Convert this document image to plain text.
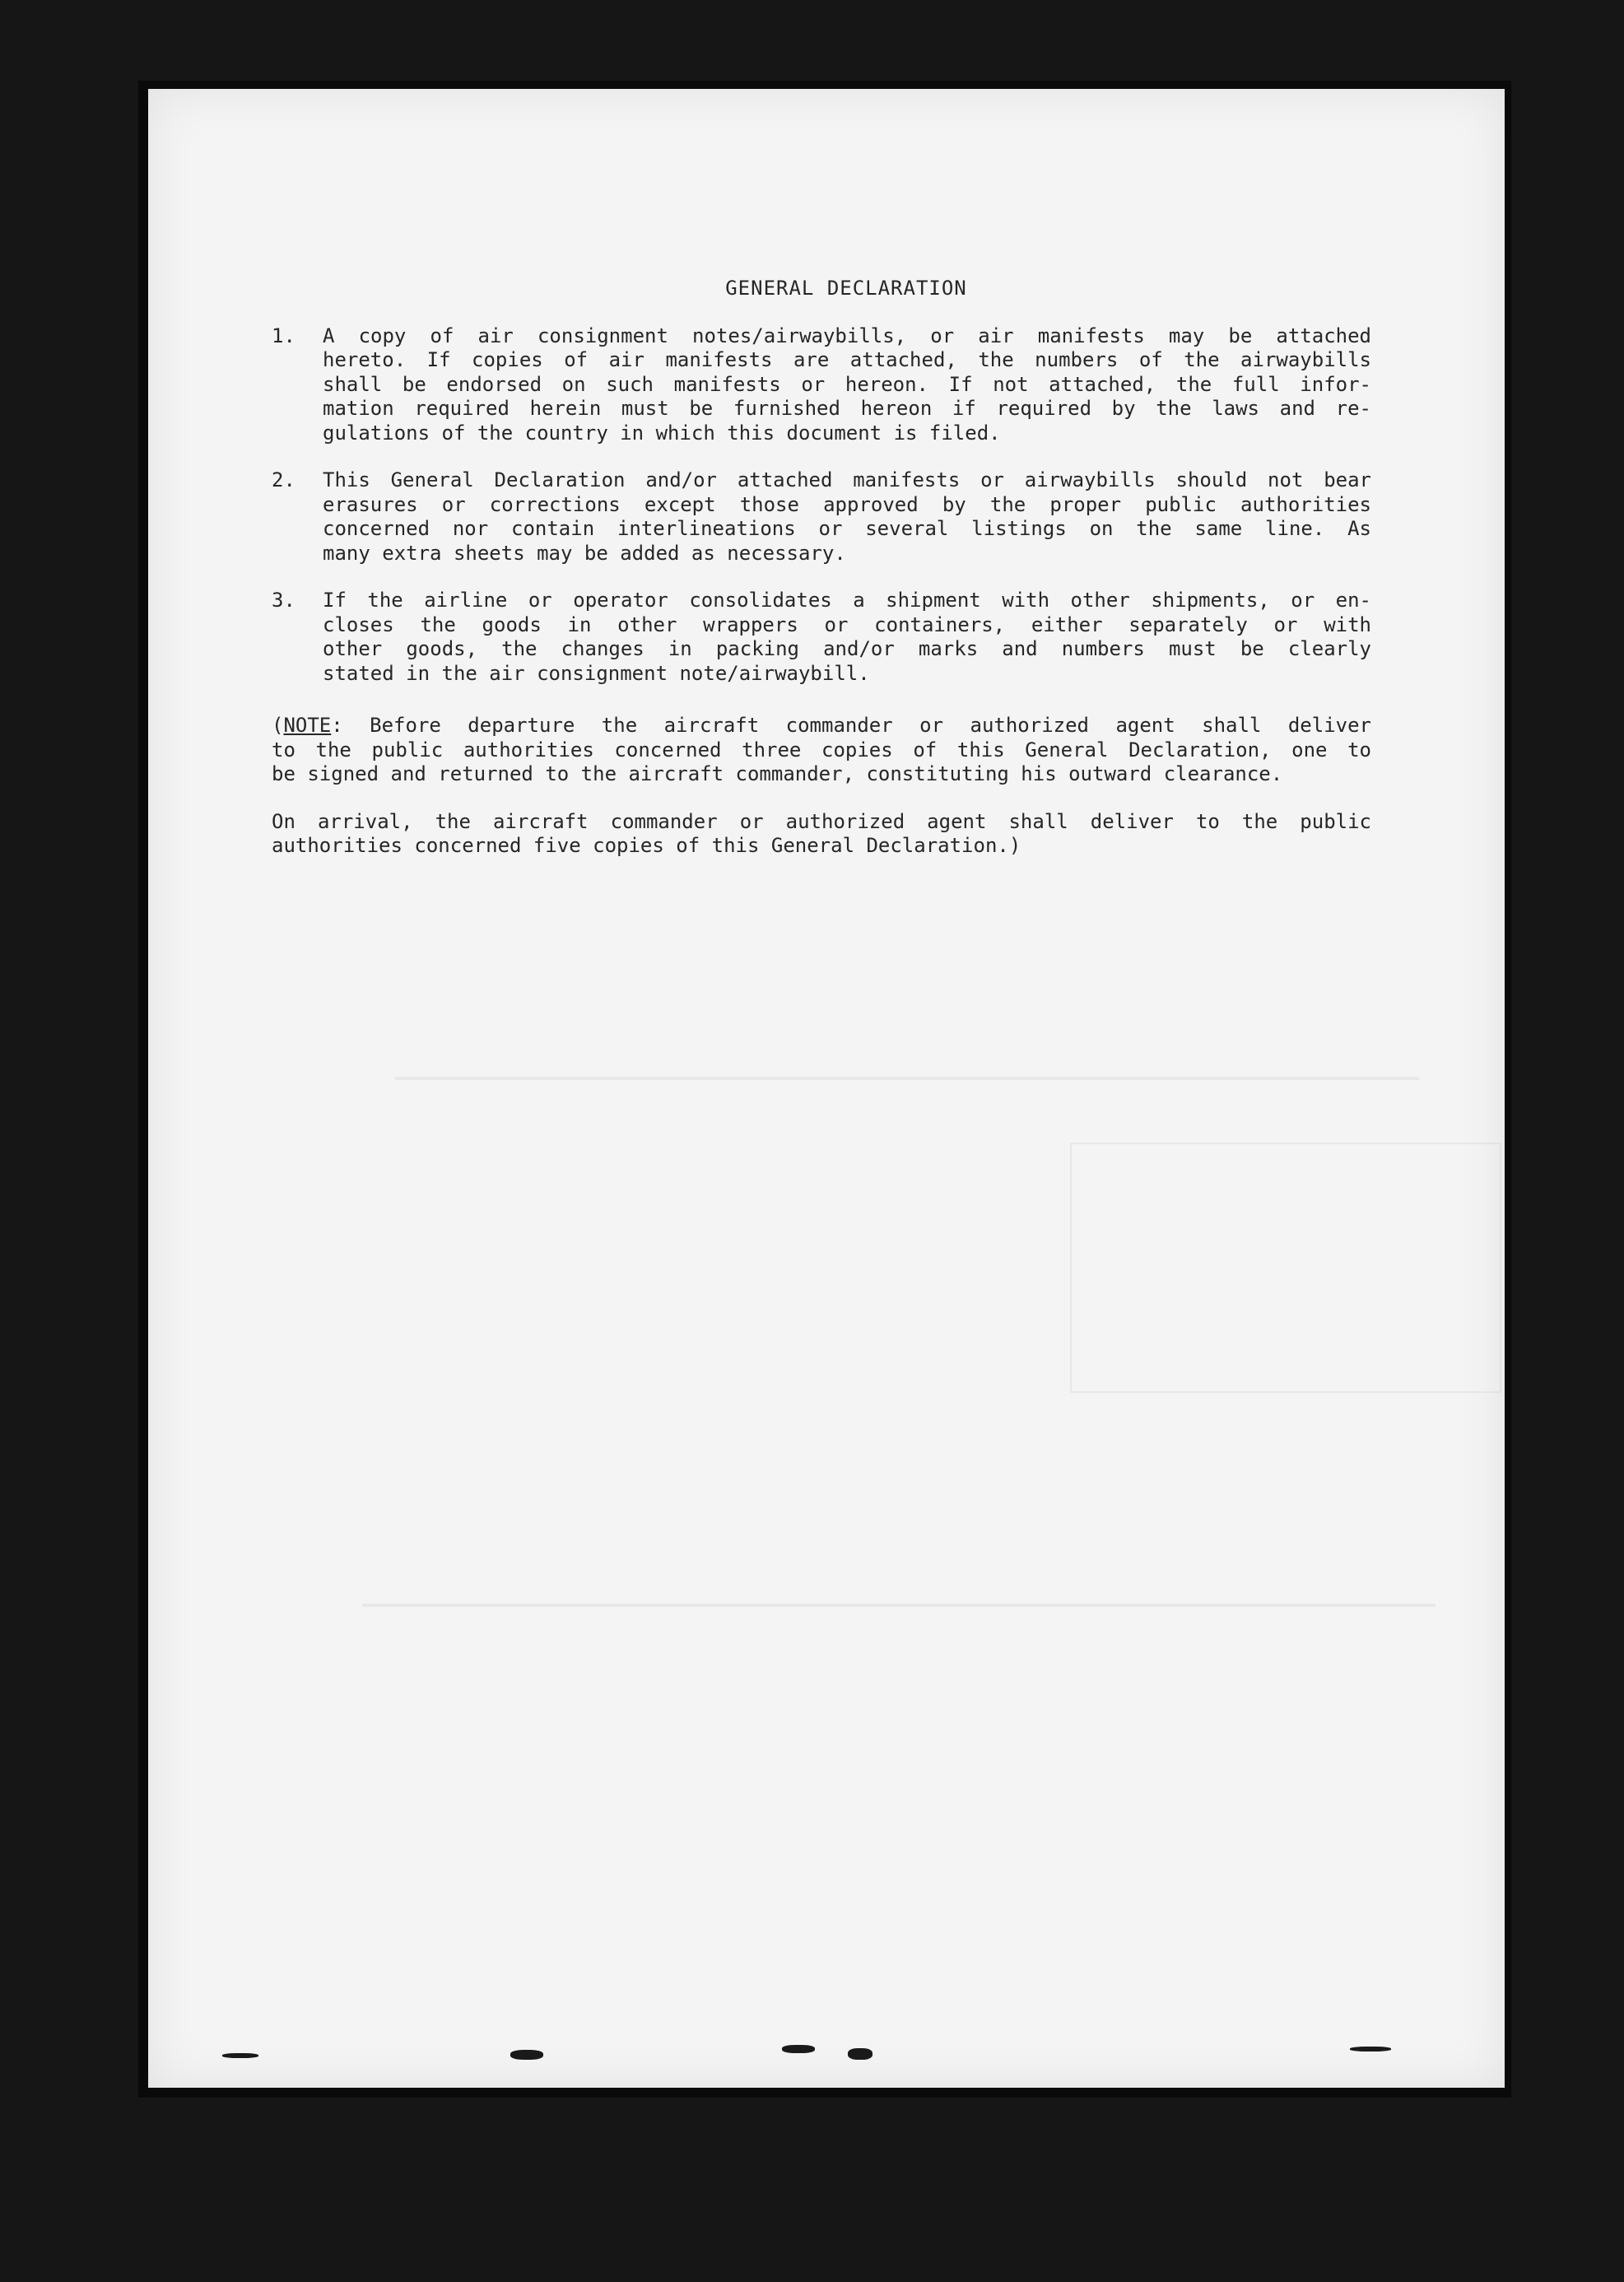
GENERAL DECLARATION
1.	A copy of air consignment notes/airwaybills, or air manifests may be attached
hereto. If copies of air manifests are attached, the numbers of the airwaybills
shall be endorsed on such manifests or hereon. If not attached, the full infor-
mation required herein must be furnished hereon if required by the laws and re-
gulations of the country in which this document is filed.
2.	This General Declaration and/or attached manifests or airwaybills should not bear
erasures or corrections except those approved by the proper public authorities
concerned nor contain interlineations or several listings on the same line. As
many extra sheets may be added as necessary.
3.	If the airline or operator consolidates a shipment with other shipments, or en-
closes the goods in other wrappers or containers, either separately or with
other goods, the changes in packing and/or marks and numbers must be clearly
stated in the air consignment note/airwaybill.
(NOTE: Before departure the aircraft commander or authorized agent shall deliver
to the public authorities concerned three copies of this General Declaration, one to
be signed and returned to the aircraft commander, constituting his outward clearance.
On arrival, the aircraft commander or authorized agent shall deliver to the public
authorities concerned five copies of this General Declaration.)
